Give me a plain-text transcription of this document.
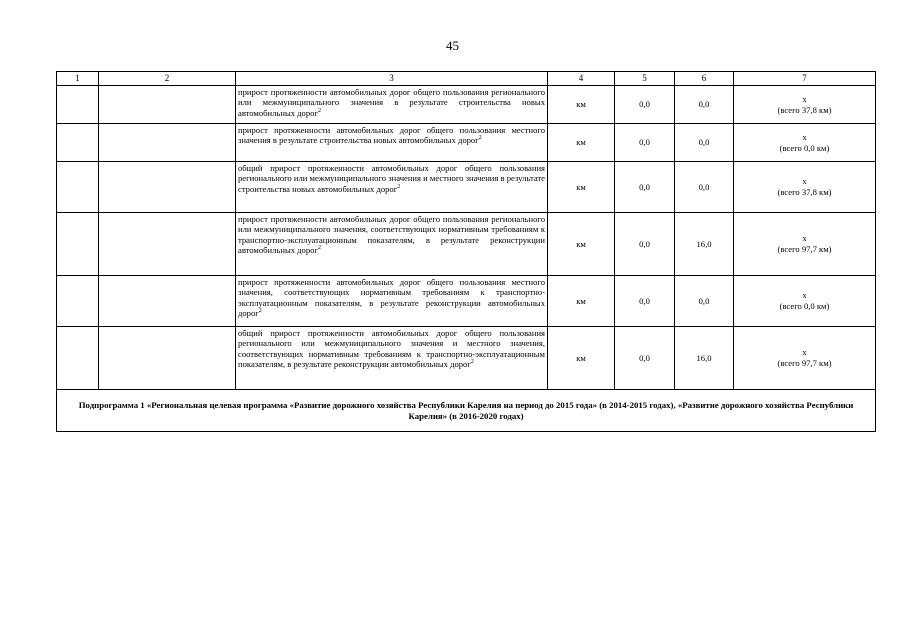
45
1	2	3	4	5	6	7
		прирост протяженности автомобильных дорог общего пользования регионального или межмуниципального значения в результате строительства новых автомобильных дорог$^2$	км	0,0	0,0	х
(всего 37,8 км)

		прирост протяженности автомобильных дорог общего пользования местного значения в результате строительства новых автомобильных дорог$^2$	км	0,0	0,0	х
(всего 0,0 км)

		общий прирост протяженности автомобильных дорог общего пользования регионального или межмуниципального значения и местного значения в результате строительства новых автомобильных дорог$^2$	км	0,0	0,0	х
(всего 37,8 км)

		прирост протяженности автомобильных дорог общего пользования регионального или межмуниципального значения, соответствующих нормативным требованиям к транспортно-эксплуатационным показателям, в результате реконструкции автомобильных дорог$^2$	км	0,0	16,0	х
(всего 97,7 км)

		прирост протяженности автомобильных дорог общего пользования местного значения, соответствующих нормативным требованиям к транспортно-эксплуатационным показателям, в результате реконструкции автомобильных дорог$^2$	км	0,0	0,0	х
(всего 0,0 км)

		общий прирост протяженности автомобильных дорог общего пользования регионального или межмуниципального значения и местного значения, соответствующих нормативным требованиям к транспортно-эксплуатационным показателям, в результате реконструкции автомобильных дорог$^2$	км	0,0	16,0	х
(всего 97,7 км)

Подпрограмма 1 «Региональная целевая программа «Развитие дорожного хозяйства Республики Карелия на период до 2015 года» (в 2014-2015 годах), «Развитие дорожного хозяйства Республики Карелия» (в 2016-2020 годах)						
